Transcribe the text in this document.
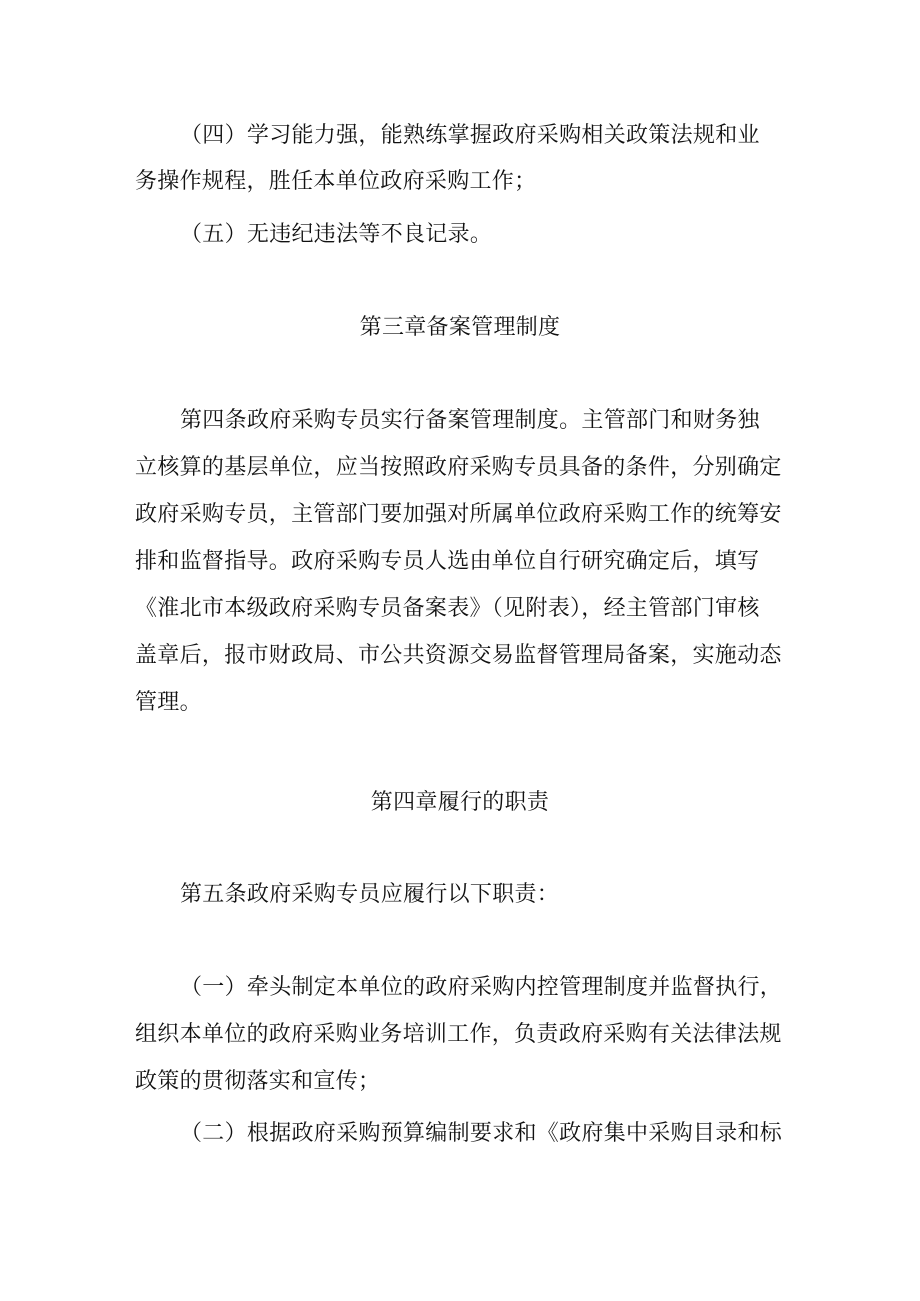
（四）学习能力强，能熟练掌握政府采购相关政策法规和业
务操作规程，胜任本单位政府采购工作；
（五）无违纪违法等不良记录。
第三章备案管理制度
第四条政府采购专员实行备案管理制度。主管部门和财务独
立核算的基层单位，应当按照政府采购专员具备的条件，分别确定
政府采购专员，主管部门要加强对所属单位政府采购工作的统筹安
排和监督指导。政府采购专员人选由单位自行研究确定后，填写
《淮北市本级政府采购专员备案表》（见附表），经主管部门审核
盖章后，报市财政局、市公共资源交易监督管理局备案，实施动态
管理。
第四章履行的职责
第五条政府采购专员应履行以下职责：
（一）牵头制定本单位的政府采购内控管理制度并监督执行，
组织本单位的政府采购业务培训工作，负责政府采购有关法律法规
政策的贯彻落实和宣传；
（二）根据政府采购预算编制要求和《政府集中采购目录和标
